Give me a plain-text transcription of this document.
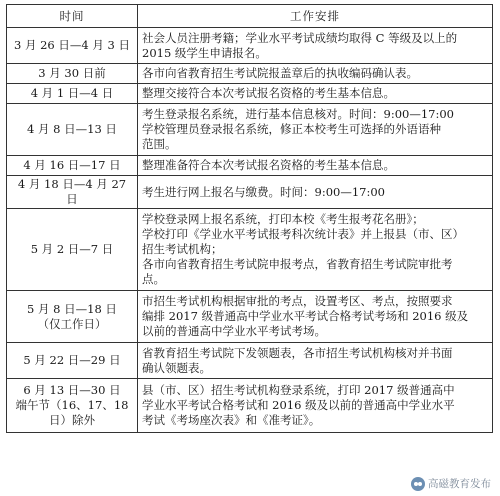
时间	工作安排
3 月 26 日—4 月 3 日	社会人员注册考籍；学业水平考试成绩均取得 C 等级及以上的
2015 级学生申请报名。

3 月 30 日前	各市向省教育招生考试院报盖章后的执收编码确认表。

4 月 1 日—4 日	整理交接符合本次考试报名资格的考生基本信息。

4 月 8 日—13 日	考生登录报名系统，进行基本信息核对。时间：9:00—17:00
学校管理员登录报名系统，修正本校考生可选择的外语语种
范围。

4 月 16 日—17 日	整理准备符合本次考试报名资格的考生基本信息。

4 月 18 日—4 月 27 日	考生进行网上报名与缴费。时间：9:00—17:00

5 月 2 日—7 日	学校登录网上报名系统，打印本校《考生报考花名册》；
学校打印《学业水平考试报考科次统计表》并上报县（市、区）
招生考试机构；
各市向省教育招生考试院申报考点，省教育招生考试院审批考
点。

5 月 8 日—18 日
（仅工作日）	市招生考试机构根据审批的考点，设置考区、考点，按照要求
编排 2017 级普通高中学业水平考试合格考试考场和 2016 级及
以前的普通高中学业水平考试考场。

5 月 22 日—29 日	省教育招生考试院下发领题表，各市招生考试机构核对并书面
确认领题表。

6 月 13 日—30 日
端午节（16、17、18
日）除外	县（市、区）招生考试机构登录系统，打印 2017 级普通高中
学业水平考试合格考试和 2016 级及以前的普通高中学业水平
考试《考场座次表》和《准考证》。
高磁教育发布
